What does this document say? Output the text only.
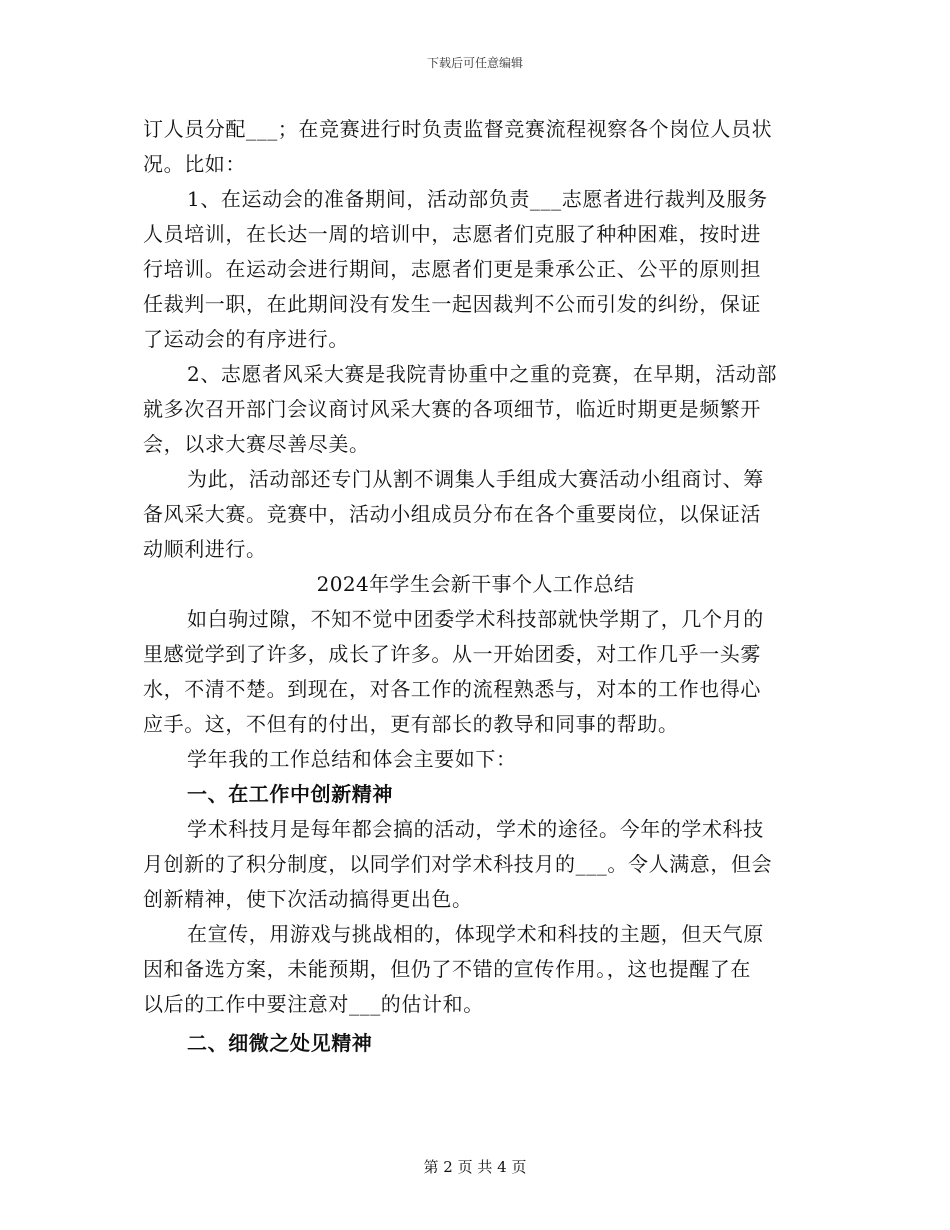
下载后可任意编辑
订人员分配___；在竞赛进行时负责监督竞赛流程视察各个岗位人员状
况。比如：
1、在运动会的准备期间，活动部负责___志愿者进行裁判及服务
人员培训，在长达一周的培训中，志愿者们克服了种种困难，按时进
行培训。在运动会进行期间，志愿者们更是秉承公正、公平的原则担
任裁判一职，在此期间没有发生一起因裁判不公而引发的纠纷，保证
了运动会的有序进行。
2、志愿者风采大赛是我院青协重中之重的竞赛，在早期，活动部
就多次召开部门会议商讨风采大赛的各项细节，临近时期更是频繁开
会，以求大赛尽善尽美。
为此，活动部还专门从割不调集人手组成大赛活动小组商讨、筹
备风采大赛。竞赛中，活动小组成员分布在各个重要岗位，以保证活
动顺利进行。
2024年学生会新干事个人工作总结
如白驹过隙，不知不觉中团委学术科技部就快学期了，几个月的
里感觉学到了许多，成长了许多。从一开始团委，对工作几乎一头雾
水，不清不楚。到现在，对各工作的流程熟悉与，对本的工作也得心
应手。这，不但有的付出，更有部长的教导和同事的帮助。
学年我的工作总结和体会主要如下：
一、在工作中创新精神
学术科技月是每年都会搞的活动，学术的途径。今年的学术科技
月创新的了积分制度，以同学们对学术科技月的___。令人满意，但会
创新精神，使下次活动搞得更出色。
在宣传，用游戏与挑战相的，体现学术和科技的主题，但天气原
因和备选方案，未能预期，但仍了不错的宣传作用。，这也提醒了在
以后的工作中要注意对___的估计和。
二、细微之处见精神
第 2 页 共 4 页
